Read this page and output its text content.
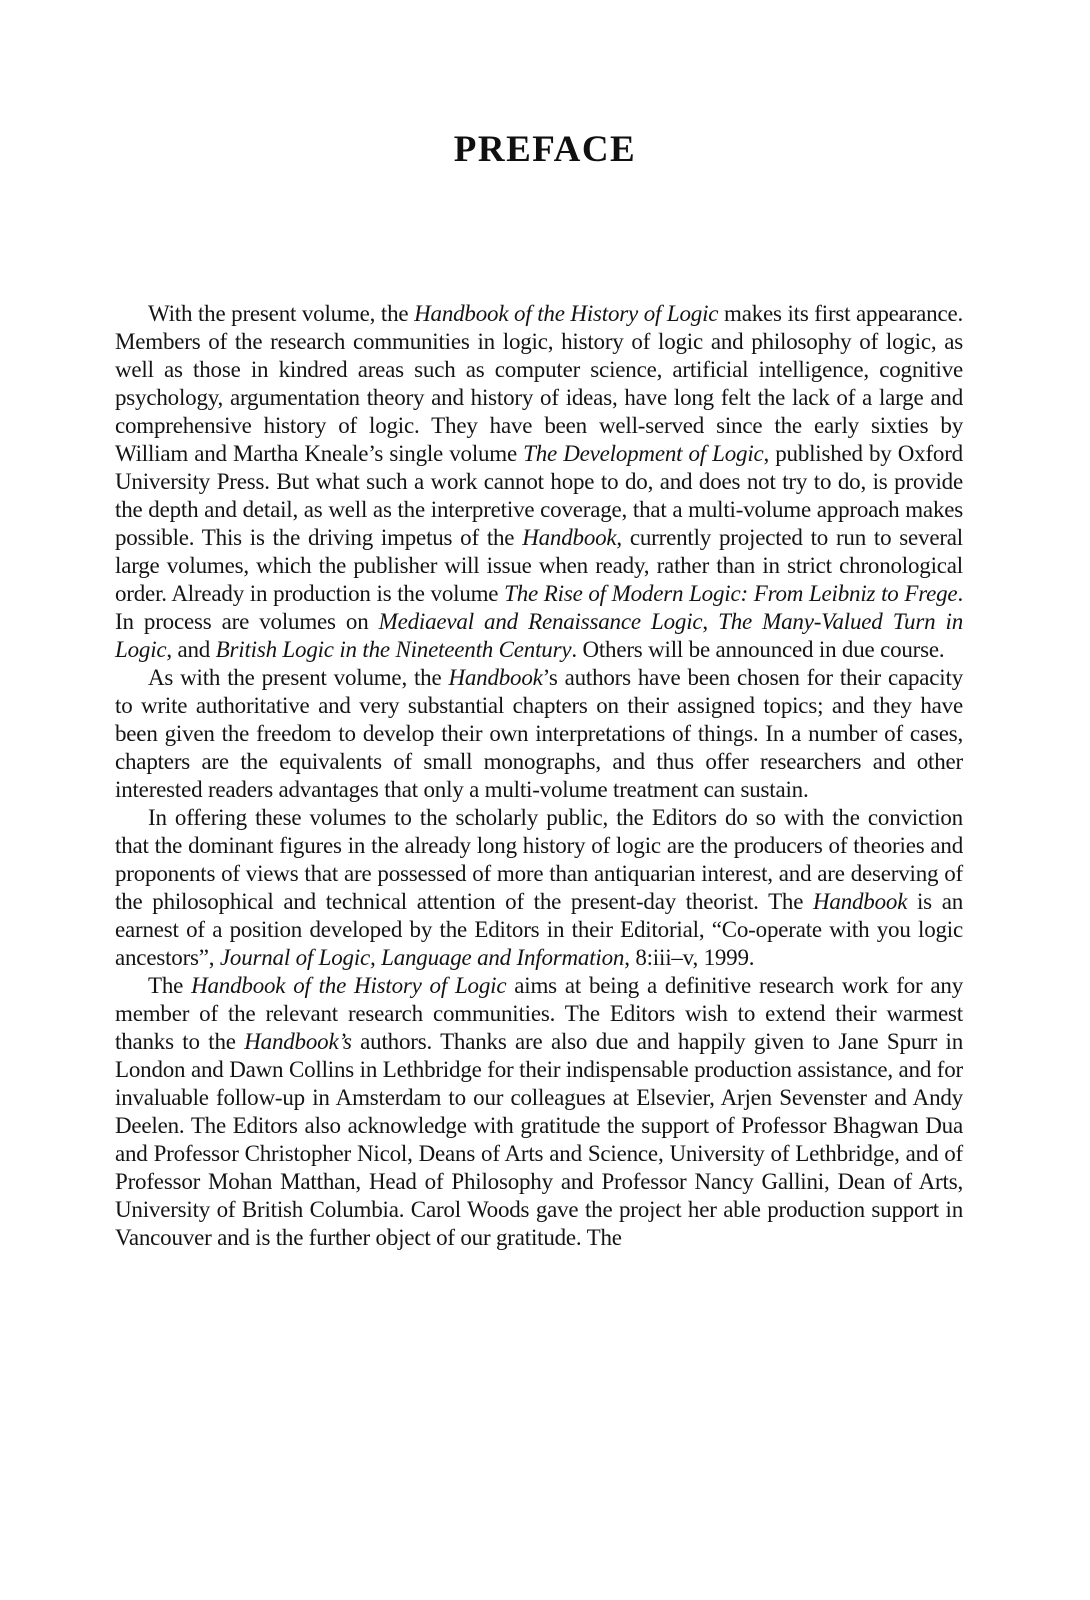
PREFACE

With the present volume, the Handbook of the History of Logic makes its first appearance. Members of the research communities in logic, history of logic and philosophy of logic, as well as those in kindred areas such as computer science, artificial intelligence, cognitive psychology, argumentation theory and history of ideas, have long felt the lack of a large and comprehensive history of logic. They have been well-served since the early sixties by William and Martha Kneale’s single volume The Development of Logic, published by Oxford University Press. But what such a work cannot hope to do, and does not try to do, is provide the depth and detail, as well as the interpretive coverage, that a multi-volume approach makes possible. This is the driving impetus of the Handbook, currently projected to run to several large volumes, which the publisher will issue when ready, rather than in strict chronological order. Already in production is the volume The Rise of Modern Logic: From Leibniz to Frege. In process are volumes on Mediaeval and Renaissance Logic, The Many-Valued Turn in Logic, and British Logic in the Nineteenth Century. Others will be announced in due course.

As with the present volume, the Handbook’s authors have been chosen for their capacity to write authoritative and very substantial chapters on their assigned topics; and they have been given the freedom to develop their own interpretations of things. In a number of cases, chapters are the equivalents of small monographs, and thus offer researchers and other interested readers advantages that only a multi-volume treatment can sustain.

In offering these volumes to the scholarly public, the Editors do so with the conviction that the dominant figures in the already long history of logic are the producers of theories and proponents of views that are possessed of more than antiquarian interest, and are deserving of the philosophical and technical attention of the present-day theorist. The Handbook is an earnest of a position developed by the Editors in their Editorial, “Co-operate with you logic ancestors”, Journal of Logic, Language and Information, 8:iii–v, 1999.

The Handbook of the History of Logic aims at being a definitive research work for any member of the relevant research communities. The Editors wish to extend their warmest thanks to the Handbook’s authors. Thanks are also due and happily given to Jane Spurr in London and Dawn Collins in Lethbridge for their indispensable production assistance, and for invaluable follow-up in Amsterdam to our colleagues at Elsevier, Arjen Sevenster and Andy Deelen. The Editors also acknowledge with gratitude the support of Professor Bhagwan Dua and Professor Christopher Nicol, Deans of Arts and Science, University of Lethbridge, and of Professor Mohan Matthan, Head of Philosophy and Professor Nancy Gallini, Dean of Arts, University of British Columbia. Carol Woods gave the project her able production support in Vancouver and is the further object of our gratitude. The
